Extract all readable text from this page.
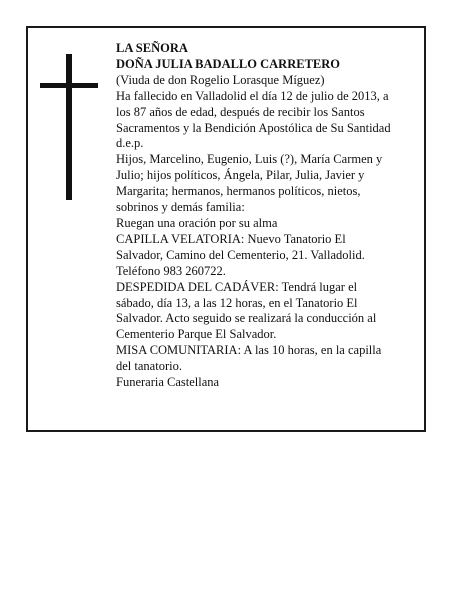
LA SEÑORA
DOÑA JULIA BADALLO CARRETERO
(Viuda de don Rogelio Lorasque Míguez)
Ha fallecido en Valladolid el día 12 de julio de 2013, a
los 87 años de edad, después de recibir los Santos
Sacramentos y la Bendición Apostólica de Su Santidad
d.e.p.
Hijos, Marcelino, Eugenio, Luis (?), María Carmen y
Julio; hijos políticos, Ángela, Pilar, Julia, Javier y
Margarita; hermanos, hermanos políticos, nietos,
sobrinos y demás familia:
Ruegan una oración por su alma
CAPILLA VELATORIA: Nuevo Tanatorio El
Salvador, Camino del Cementerio, 21. Valladolid.
Teléfono 983 260722.
DESPEDIDA DEL CADÁVER: Tendrá lugar el
sábado, día 13, a las 12 horas, en el Tanatorio El
Salvador. Acto seguido se realizará la conducción al
Cementerio Parque El Salvador.
MISA COMUNITARIA: A las 10 horas, en la capilla
del tanatorio.
Funeraria Castellana
